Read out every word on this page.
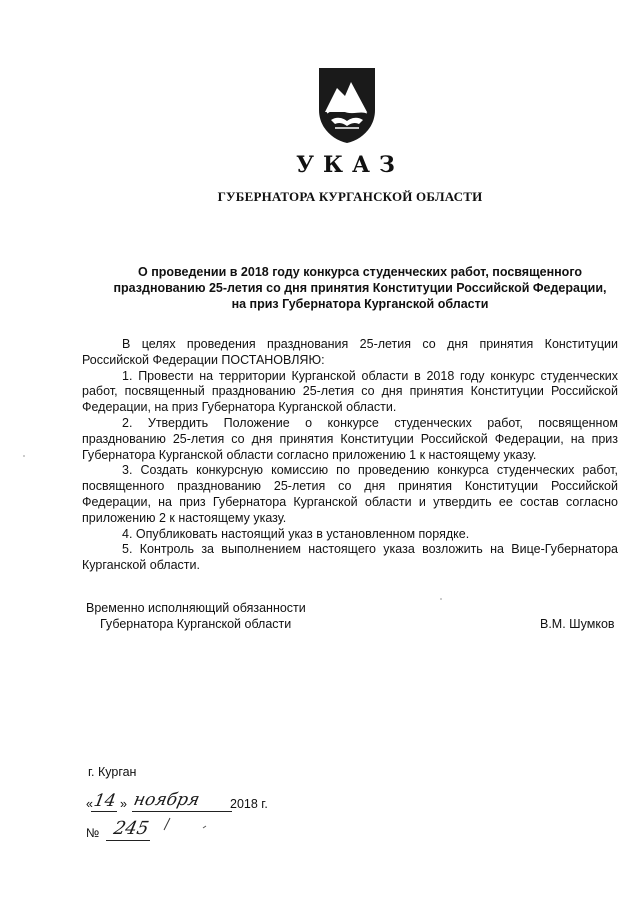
УКАЗ
ГУБЕРНАТОРА КУРГАНСКОЙ ОБЛАСТИ
О проведении в 2018 году конкурса студенческих работ, посвященного
празднованию 25-летия со дня принятия Конституции Российской Федерации,
на приз Губернатора Курганской области

В целях проведения празднования 25-летия со дня принятия Конституции Российской Федерации ПОСТАНОВЛЯЮ:

1. Провести на территории Курганской области в 2018 году конкурс студенческих работ, посвященный празднованию 25-летия со дня принятия Конституции Российской Федерации, на приз Губернатора Курганской области.

2. Утвердить Положение о конкурсе студенческих работ, посвященном празднованию 25-летия со дня принятия Конституции Российской Федерации, на приз Губернатора Курганской области согласно приложению 1 к настоящему указу.

3. Создать конкурсную комиссию по проведению конкурса студенческих работ, посвященного празднованию 25-летия со дня принятия Конституции Российской Федерации, на приз Губернатора Курганской области и утвердить ее состав согласно приложению 2 к настоящему указу.

4. Опубликовать настоящий указ в установленном порядке.

5. Контроль за выполнением настоящего указа возложить на Вице-Губернатора Курганской области.

Временно исполняющий обязанности
Губернатора Курганской области	В.М. Шумков
г. Курган
« 14 » ноября 2018 г.
№ 245
